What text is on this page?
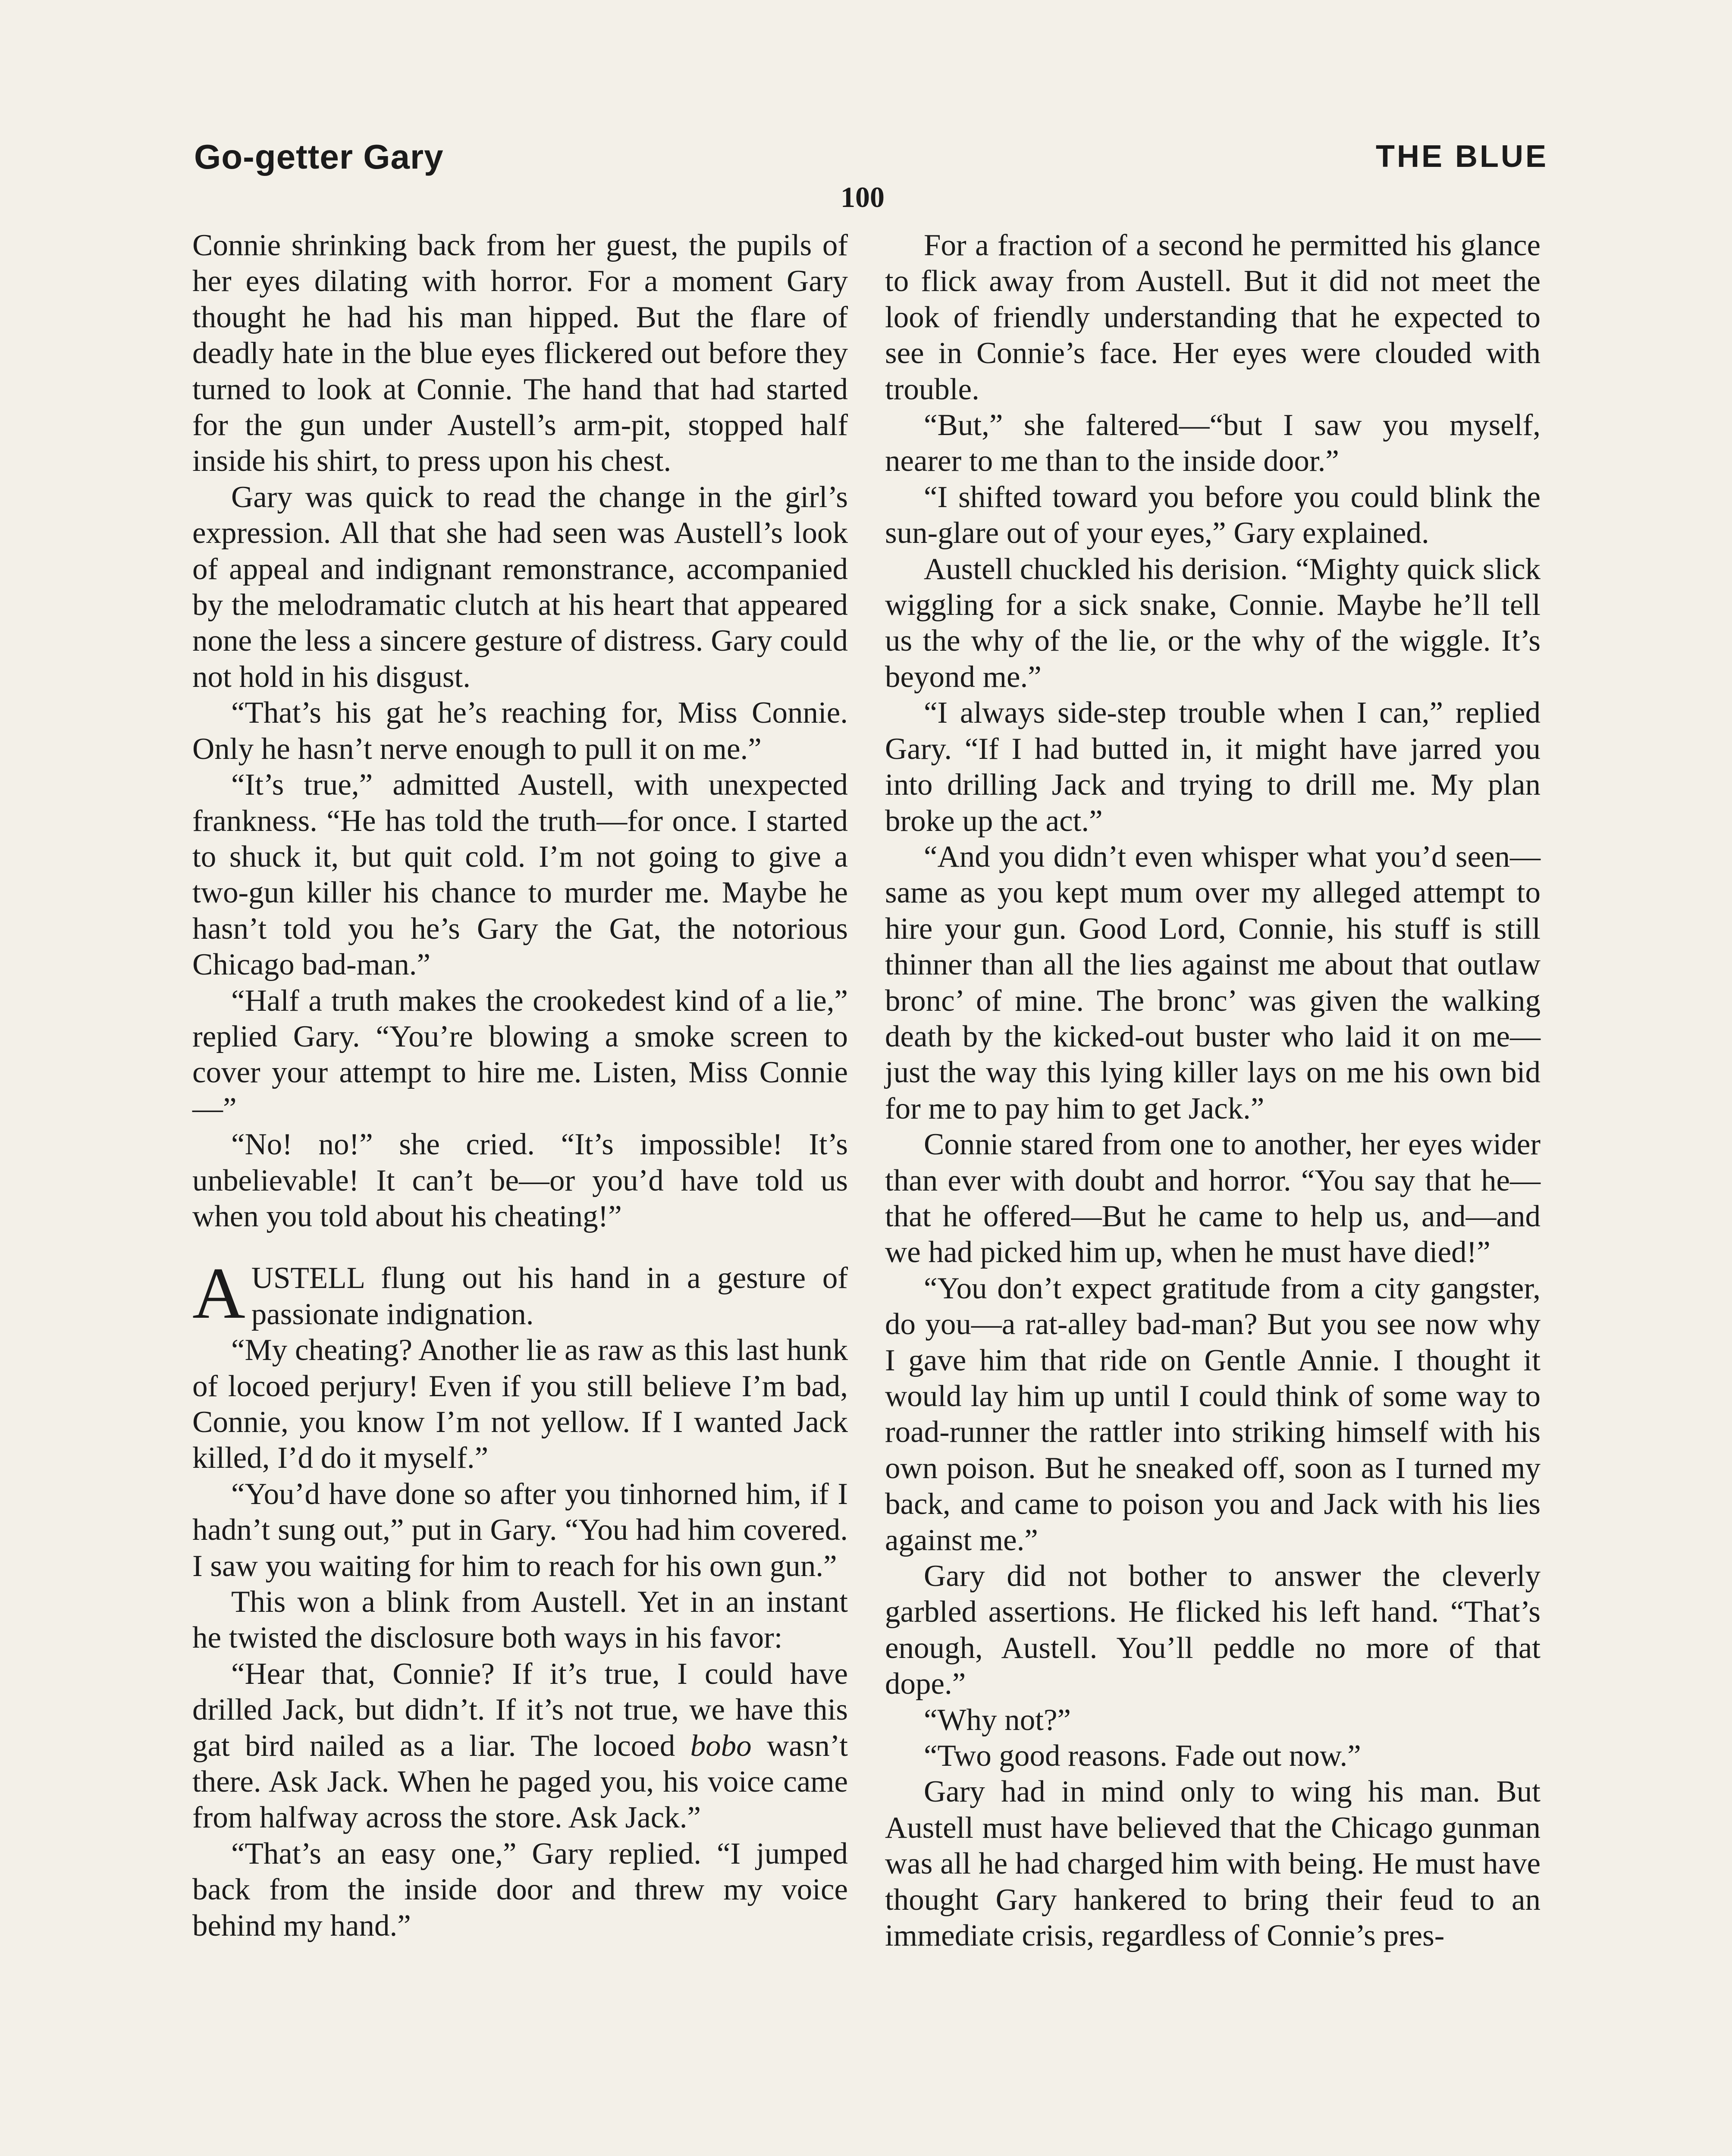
Go-getter Gary	THE BLUE
100

Connie shrinking back from her guest, the pupils of her eyes dilating with horror. For a moment Gary thought he had his man hipped. But the flare of deadly hate in the blue eyes flickered out before they turned to look at Connie. The hand that had started for the gun under Austell’s arm-pit, stopped half inside his shirt, to press upon his chest.

Gary was quick to read the change in the girl’s expression. All that she had seen was Austell’s look of appeal and indignant remonstrance, accompanied by the melodramatic clutch at his heart that appeared none the less a sincere gesture of distress. Gary could not hold in his disgust.

“That’s his gat he’s reaching for, Miss Connie. Only he hasn’t nerve enough to pull it on me.”

“It’s true,” admitted Austell, with unexpected frankness. “He has told the truth—for once. I started to shuck it, but quit cold. I’m not going to give a two-gun killer his chance to murder me. Maybe he hasn’t told you he’s Gary the Gat, the notorious Chicago bad-man.”

“Half a truth makes the crookedest kind of a lie,” replied Gary. “You’re blowing a smoke screen to cover your attempt to hire me. Listen, Miss Connie—”

“No! no!” she cried. “It’s impossible! It’s unbelievable! It can’t be—or you’d have told us when you told about his cheating!”

AUSTELL flung out his hand in a gesture of passionate indignation.

“My cheating? Another lie as raw as this last hunk of locoed perjury! Even if you still believe I’m bad, Connie, you know I’m not yellow. If I wanted Jack killed, I’d do it myself.”

“You’d have done so after you tinhorned him, if I hadn’t sung out,” put in Gary. “You had him covered. I saw you waiting for him to reach for his own gun.”

This won a blink from Austell. Yet in an instant he twisted the disclosure both ways in his favor:

“Hear that, Connie? If it’s true, I could have drilled Jack, but didn’t. If it’s not true, we have this gat bird nailed as a liar. The locoed bobo wasn’t there. Ask Jack. When he paged you, his voice came from halfway across the store. Ask Jack.”

“That’s an easy one,” Gary replied. “I jumped back from the inside door and threw my voice behind my hand.”

For a fraction of a second he permitted his glance to flick away from Austell. But it did not meet the look of friendly understanding that he expected to see in Connie’s face. Her eyes were clouded with trouble.

“But,” she faltered—“but I saw you myself, nearer to me than to the inside door.”

“I shifted toward you before you could blink the sun-glare out of your eyes,” Gary explained.

Austell chuckled his derision. “Mighty quick slick wiggling for a sick snake, Connie. Maybe he’ll tell us the why of the lie, or the why of the wiggle. It’s beyond me.”

“I always side-step trouble when I can,” replied Gary. “If I had butted in, it might have jarred you into drilling Jack and trying to drill me. My plan broke up the act.”

“And you didn’t even whisper what you’d seen—same as you kept mum over my alleged attempt to hire your gun. Good Lord, Connie, his stuff is still thinner than all the lies against me about that outlaw bronc’ of mine. The bronc’ was given the walking death by the kicked-out buster who laid it on me—just the way this lying killer lays on me his own bid for me to pay him to get Jack.”

Connie stared from one to another, her eyes wider than ever with doubt and horror. “You say that he—that he offered—But he came to help us, and—and we had picked him up, when he must have died!”

“You don’t expect gratitude from a city gangster, do you—a rat-alley bad-man? But you see now why I gave him that ride on Gentle Annie. I thought it would lay him up until I could think of some way to road-runner the rattler into striking himself with his own poison. But he sneaked off, soon as I turned my back, and came to poison you and Jack with his lies against me.”

Gary did not bother to answer the cleverly garbled assertions. He flicked his left hand. “That’s enough, Austell. You’ll peddle no more of that dope.”

“Why not?”

“Two good reasons. Fade out now.”

Gary had in mind only to wing his man. But Austell must have believed that the Chicago gunman was all he had charged him with being. He must have thought Gary hankered to bring their feud to an immediate crisis, regardless of Connie’s pres-
